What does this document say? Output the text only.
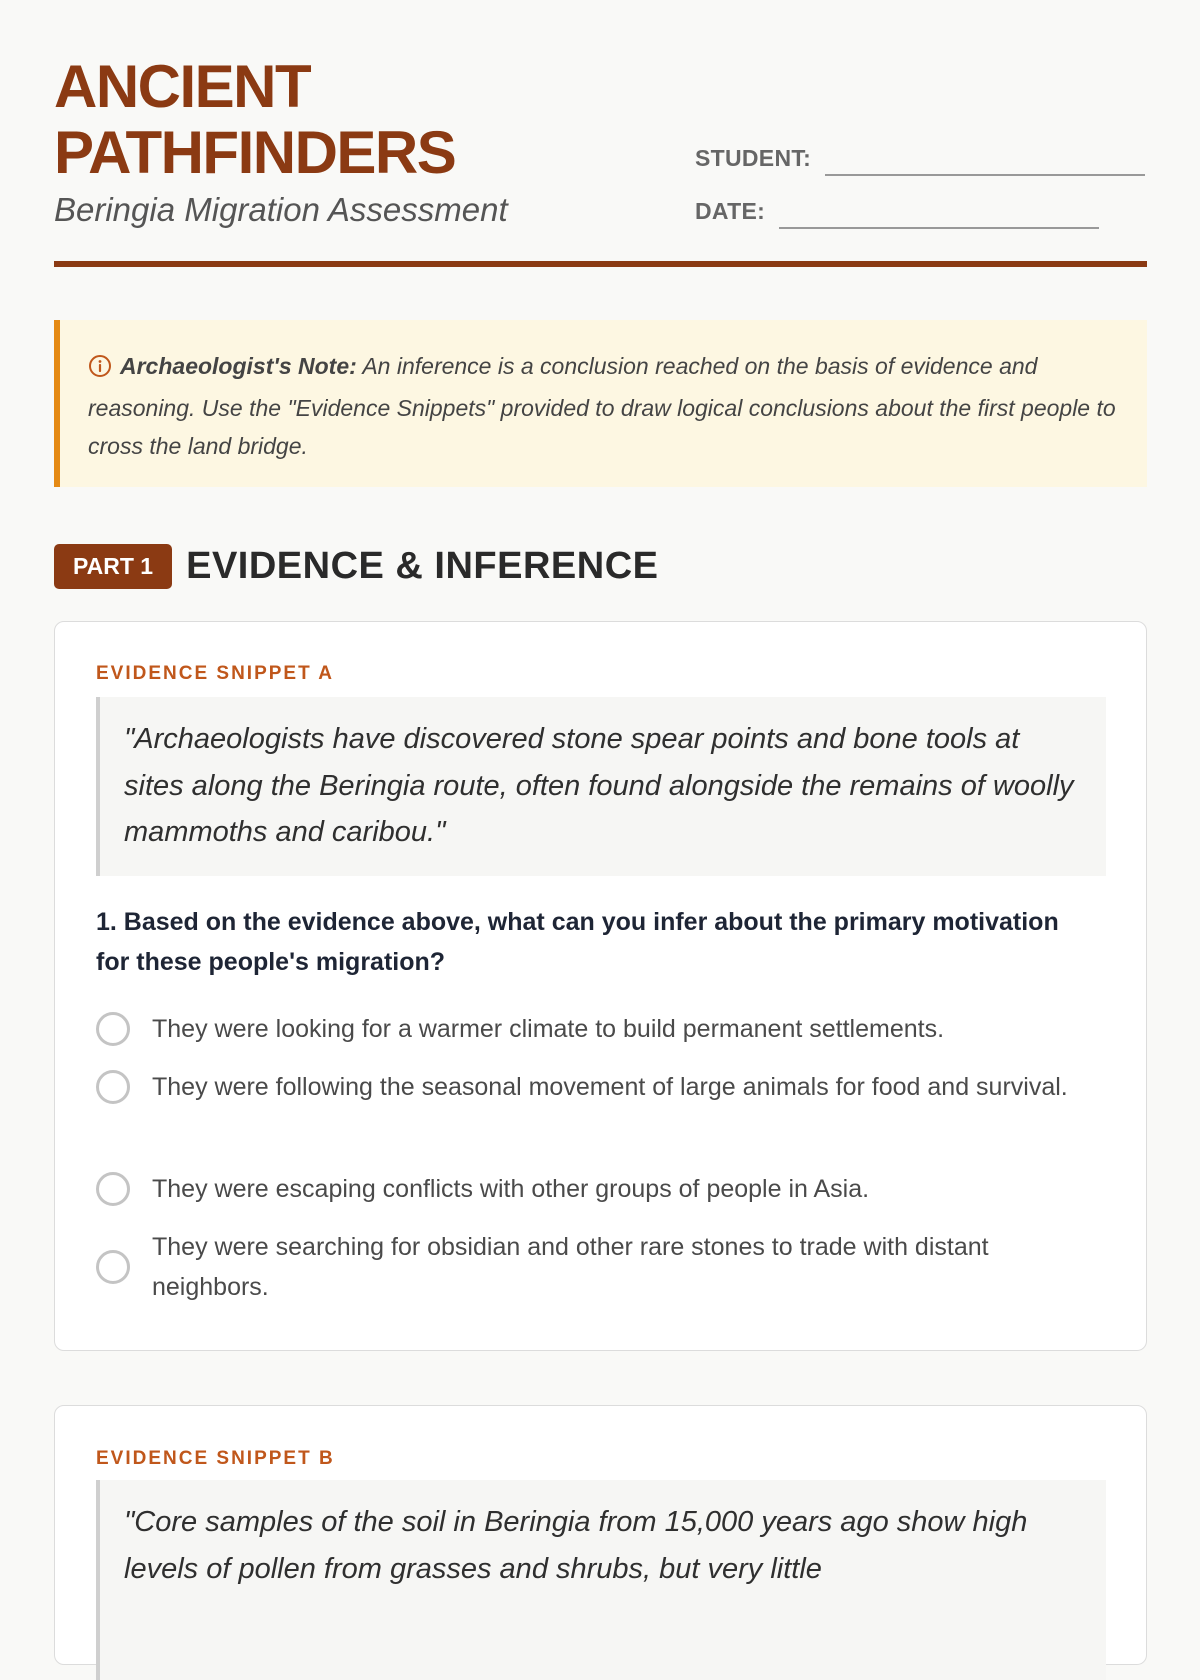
ANCIENT
PATHFINDERS

Beringia Migration Assessment

STUDENT:
DATE:
Archaeologist's Note: An inference is a conclusion reached on the basis of evidence and reasoning. Use the "Evidence Snippets" provided to draw logical conclusions about the first people to cross the land bridge.
PART 1 EVIDENCE & INFERENCE
EVIDENCE SNIPPET A
"Archaeologists have discovered stone spear points and bone tools at sites along the Beringia route, often found alongside the remains of woolly mammoths and caribou."

1. Based on the evidence above, what can you infer about the primary motivation for these people's migration?

They were looking for a warmer climate to build permanent settlements.
They were following the seasonal movement of large animals for food and survival.
They were escaping conflicts with other groups of people in Asia.
They were searching for obsidian and other rare stones to trade with distant neighbors.
EVIDENCE SNIPPET B
"Core samples of the soil in Beringia from 15,000 years ago show high levels of pollen from grasses and shrubs, but very little
